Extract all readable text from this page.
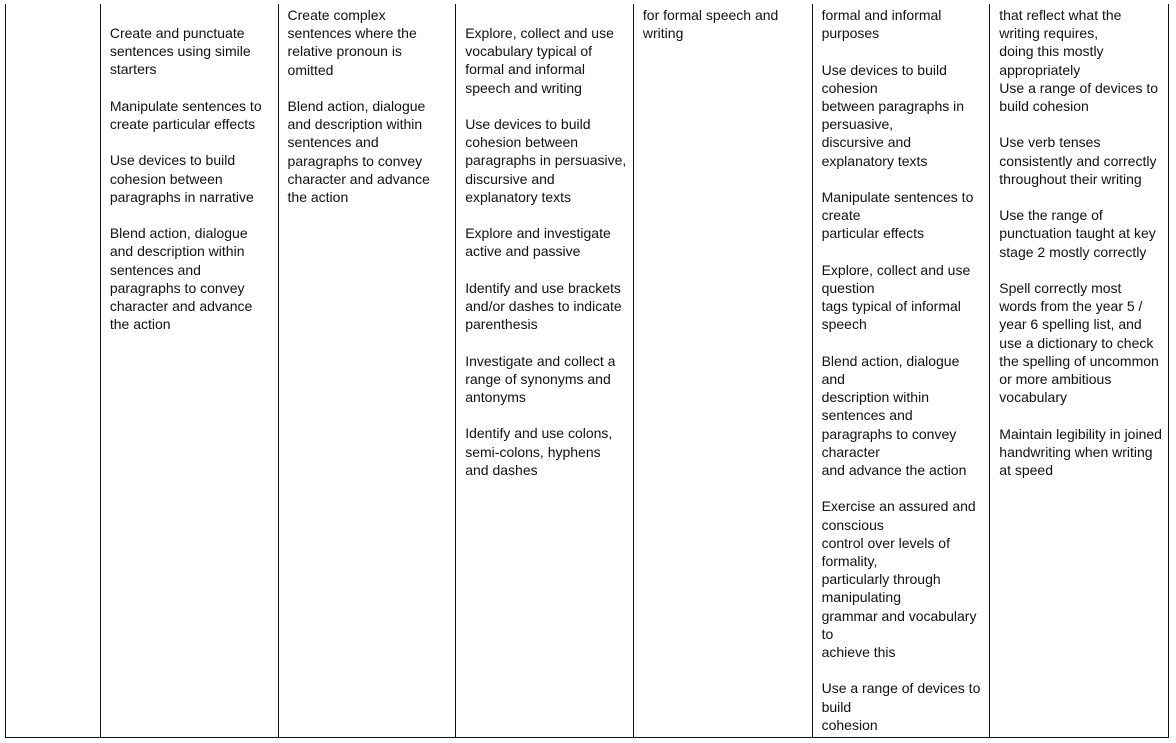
Create and punctuate sentences using simile starters
Manipulate sentences to create particular effects
Use devices to build cohesion between paragraphs in narrative
Blend action, dialogue and description within sentences and paragraphs to convey character and advance the action
Create complex sentences where the relative pronoun is omitted
Blend action, dialogue and description within sentences and paragraphs to convey character and advance the action
Explore, collect and use vocabulary typical of formal and informal speech and writing
Use devices to build cohesion between paragraphs in persuasive, discursive and explanatory texts
Explore and investigate active and passive
Identify and use brackets and/or dashes to indicate parenthesis
Investigate and collect a range of synonyms and antonyms
Identify and use colons, semi-colons, hyphens and dashes
for formal speech and writing
formal and informal purposes
Use devices to build cohesion
between paragraphs in persuasive,
discursive and explanatory texts
Manipulate sentences to create
particular effects
Explore, collect and use question
tags typical of informal speech
Blend action, dialogue and
description within sentences and
paragraphs to convey character
and advance the action
Exercise an assured and conscious
control over levels of formality,
particularly through manipulating
grammar and vocabulary to
achieve this
Use a range of devices to build
cohesion
that reflect what the writing requires,
doing this mostly appropriately
Use a range of devices to build cohesion
Use verb tenses consistently and correctly throughout their writing
Use the range of punctuation taught at key stage 2 mostly correctly
Spell correctly most words from the year 5 / year 6 spelling list, and use a dictionary to check the spelling of uncommon or more ambitious vocabulary
Maintain legibility in joined handwriting when writing at speed
